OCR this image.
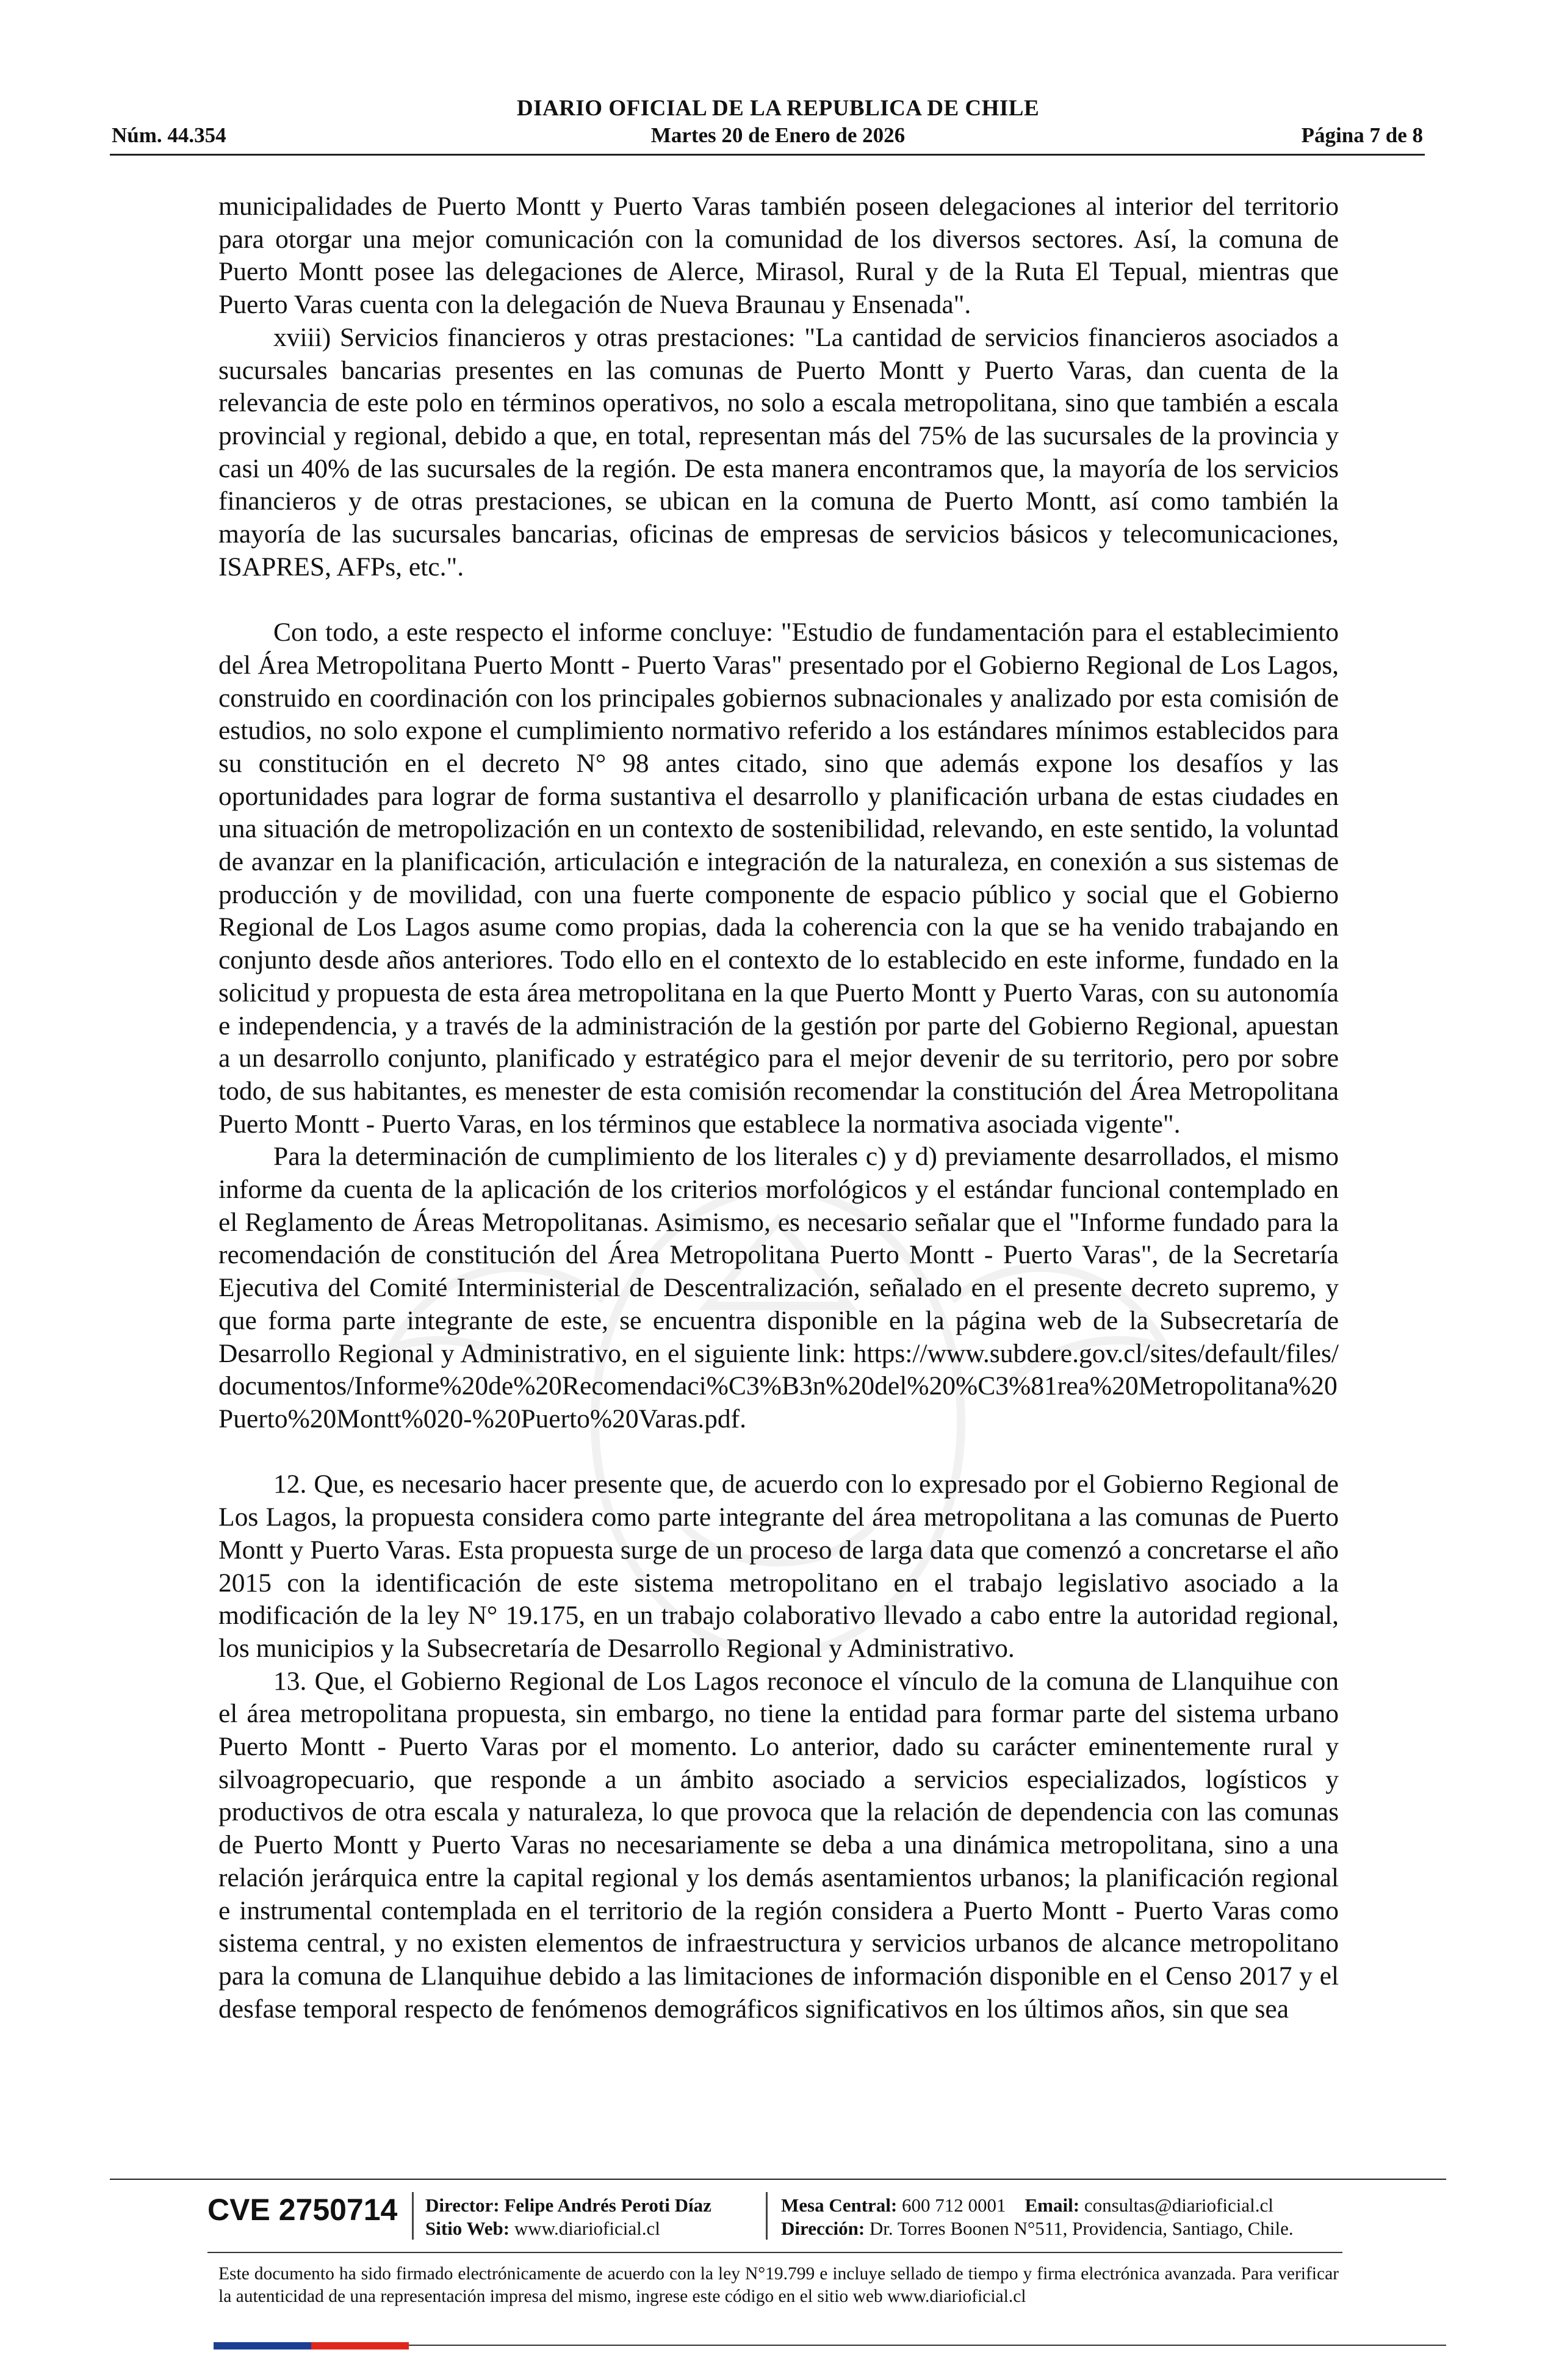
DIARIO OFICIAL DE LA REPUBLICA DE CHILE
Núm. 44.354	Martes 20 de Enero de 2026	Página 7 de 8

municipalidades de Puerto Montt y Puerto Varas también poseen delegaciones al interior del territorio para otorgar una mejor comunicación con la comunidad de los diversos sectores. Así, la comuna de Puerto Montt posee las delegaciones de Alerce, Mirasol, Rural y de la Ruta El Tepual, mientras que Puerto Varas cuenta con la delegación de Nueva Braunau y Ensenada".

xviii) Servicios financieros y otras prestaciones: "La cantidad de servicios financieros asociados a sucursales bancarias presentes en las comunas de Puerto Montt y Puerto Varas, dan cuenta de la relevancia de este polo en términos operativos, no solo a escala metropolitana, sino que también a escala provincial y regional, debido a que, en total, representan más del 75% de las sucursales de la provincia y casi un 40% de las sucursales de la región. De esta manera encontramos que, la mayoría de los servicios financieros y de otras prestaciones, se ubican en la comuna de Puerto Montt, así como también la mayoría de las sucursales bancarias, oficinas de empresas de servicios básicos y telecomunicaciones, ISAPRES, AFPs, etc.".

Con todo, a este respecto el informe concluye: "Estudio de fundamentación para el establecimiento del Área Metropolitana Puerto Montt - Puerto Varas" presentado por el Gobierno Regional de Los Lagos, construido en coordinación con los principales gobiernos subnacionales y analizado por esta comisión de estudios, no solo expone el cumplimiento normativo referido a los estándares mínimos establecidos para su constitución en el decreto N° 98 antes citado, sino que además expone los desafíos y las oportunidades para lograr de forma sustantiva el desarrollo y planificación urbana de estas ciudades en una situación de metropolización en un contexto de sostenibilidad, relevando, en este sentido, la voluntad de avanzar en la planificación, articulación e integración de la naturaleza, en conexión a sus sistemas de producción y de movilidad, con una fuerte componente de espacio público y social que el Gobierno Regional de Los Lagos asume como propias, dada la coherencia con la que se ha venido trabajando en conjunto desde años anteriores. Todo ello en el contexto de lo establecido en este informe, fundado en la solicitud y propuesta de esta área metropolitana en la que Puerto Montt y Puerto Varas, con su autonomía e independencia, y a través de la administración de la gestión por parte del Gobierno Regional, apuestan a un desarrollo conjunto, planificado y estratégico para el mejor devenir de su territorio, pero por sobre todo, de sus habitantes, es menester de esta comisión recomendar la constitución del Área Metropolitana Puerto Montt - Puerto Varas, en los términos que establece la normativa asociada vigente".

Para la determinación de cumplimiento de los literales c) y d) previamente desarrollados, el mismo informe da cuenta de la aplicación de los criterios morfológicos y el estándar funcional contemplado en el Reglamento de Áreas Metropolitanas. Asimismo, es necesario señalar que el "Informe fundado para la recomendación de constitución del Área Metropolitana Puerto Montt - Puerto Varas", de la Secretaría Ejecutiva del Comité Interministerial de Descentralización, señalado en el presente decreto supremo, y que forma parte integrante de este, se encuentra disponible en la página web de la Subsecretaría de Desarrollo Regional y Administrativo, en el siguiente link: https://www.subdere.gov.cl/sites/default/files/documentos/Informe%20de%20Recomendaci%C3%B3n%20del%20%C3%81rea%20Metropolitana%20Puerto%20Montt%020-%20Puerto%20Varas.pdf.

12. Que, es necesario hacer presente que, de acuerdo con lo expresado por el Gobierno Regional de Los Lagos, la propuesta considera como parte integrante del área metropolitana a las comunas de Puerto Montt y Puerto Varas. Esta propuesta surge de un proceso de larga data que comenzó a concretarse el año 2015 con la identificación de este sistema metropolitano en el trabajo legislativo asociado a la modificación de la ley N° 19.175, en un trabajo colaborativo llevado a cabo entre la autoridad regional, los municipios y la Subsecretaría de Desarrollo Regional y Administrativo.

13. Que, el Gobierno Regional de Los Lagos reconoce el vínculo de la comuna de Llanquihue con el área metropolitana propuesta, sin embargo, no tiene la entidad para formar parte del sistema urbano Puerto Montt - Puerto Varas por el momento. Lo anterior, dado su carácter eminentemente rural y silvoagropecuario, que responde a un ámbito asociado a servicios especializados, logísticos y productivos de otra escala y naturaleza, lo que provoca que la relación de dependencia con las comunas de Puerto Montt y Puerto Varas no necesariamente se deba a una dinámica metropolitana, sino a una relación jerárquica entre la capital regional y los demás asentamientos urbanos; la planificación regional e instrumental contemplada en el territorio de la región considera a Puerto Montt - Puerto Varas como sistema central, y no existen elementos de infraestructura y servicios urbanos de alcance metropolitano para la comuna de Llanquihue debido a las limitaciones de información disponible en el Censo 2017 y el desfase temporal respecto de fenómenos demográficos significativos en los últimos años, sin que sea

CVE 2750714 Director: Felipe Andrés Peroti Díaz
Sitio Web: www.diarioficial.cl
Mesa Central: 600 712 0001 Email: consultas@diarioficial.cl
Dirección: Dr. Torres Boonen N°511, Providencia, Santiago, Chile.
Este documento ha sido firmado electrónicamente de acuerdo con la ley N°19.799 e incluye sellado de tiempo y firma electrónica avanzada. Para verificar la autenticidad de una representación impresa del mismo, ingrese este código en el sitio web www.diarioficial.cl
